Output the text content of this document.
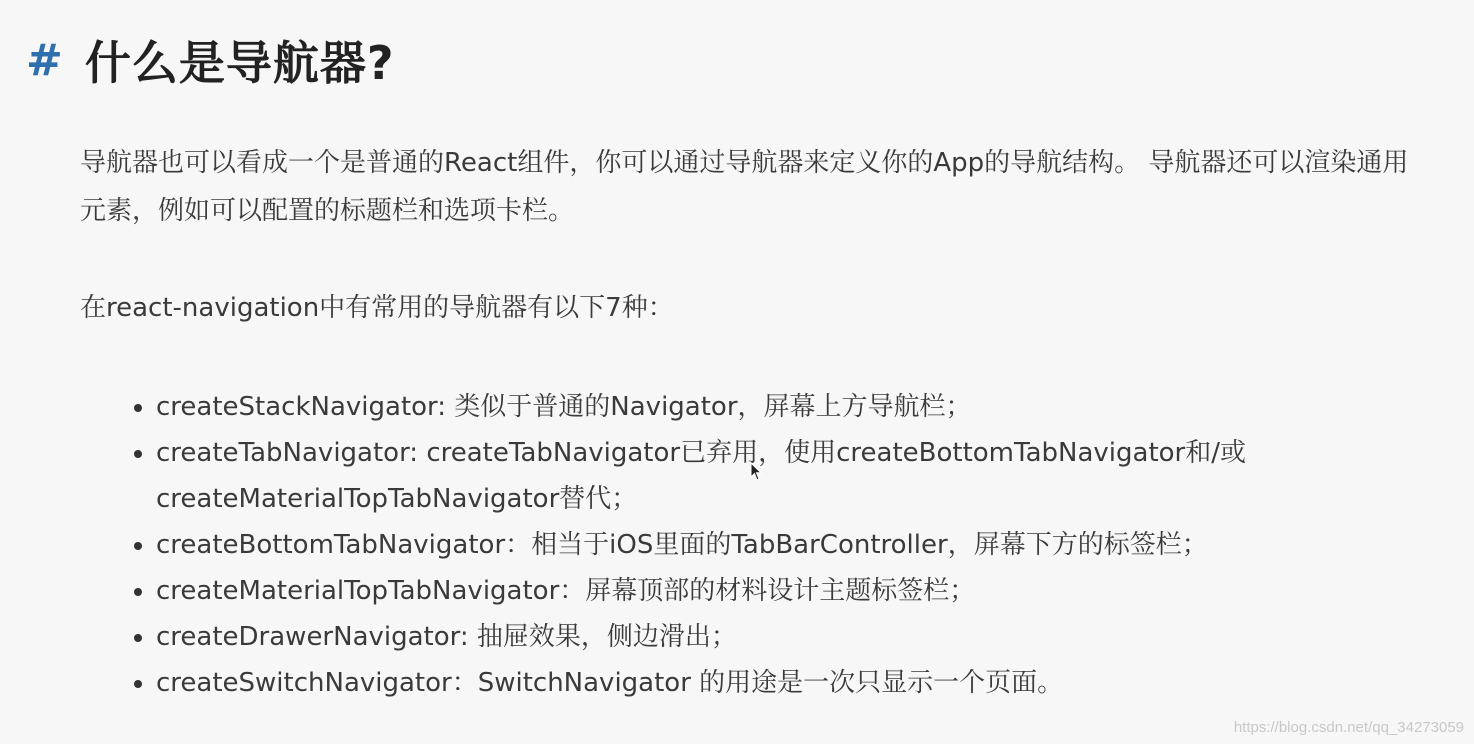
# 什么是导航器?

导航器也可以看成一个是普通的React组件，你可以通过导航器来定义你的App的导航结构。 导航器还可以渲染通用元素，例如可以配置的标题栏和选项卡栏。

在react-navigation中有常用的导航器有以下7种：

• createStackNavigator: 类似于普通的Navigator，屏幕上方导航栏；
• createTabNavigator: createTabNavigator已弃用，使用createBottomTabNavigator和/或createMaterialTopTabNavigator替代；
• createBottomTabNavigator：相当于iOS里面的TabBarController，屏幕下方的标签栏；
• createMaterialTopTabNavigator：屏幕顶部的材料设计主题标签栏；
• createDrawerNavigator: 抽屉效果，侧边滑出；
• createSwitchNavigator：SwitchNavigator 的用途是一次只显示一个页面。
https://blog.csdn.net/qq_34273059
